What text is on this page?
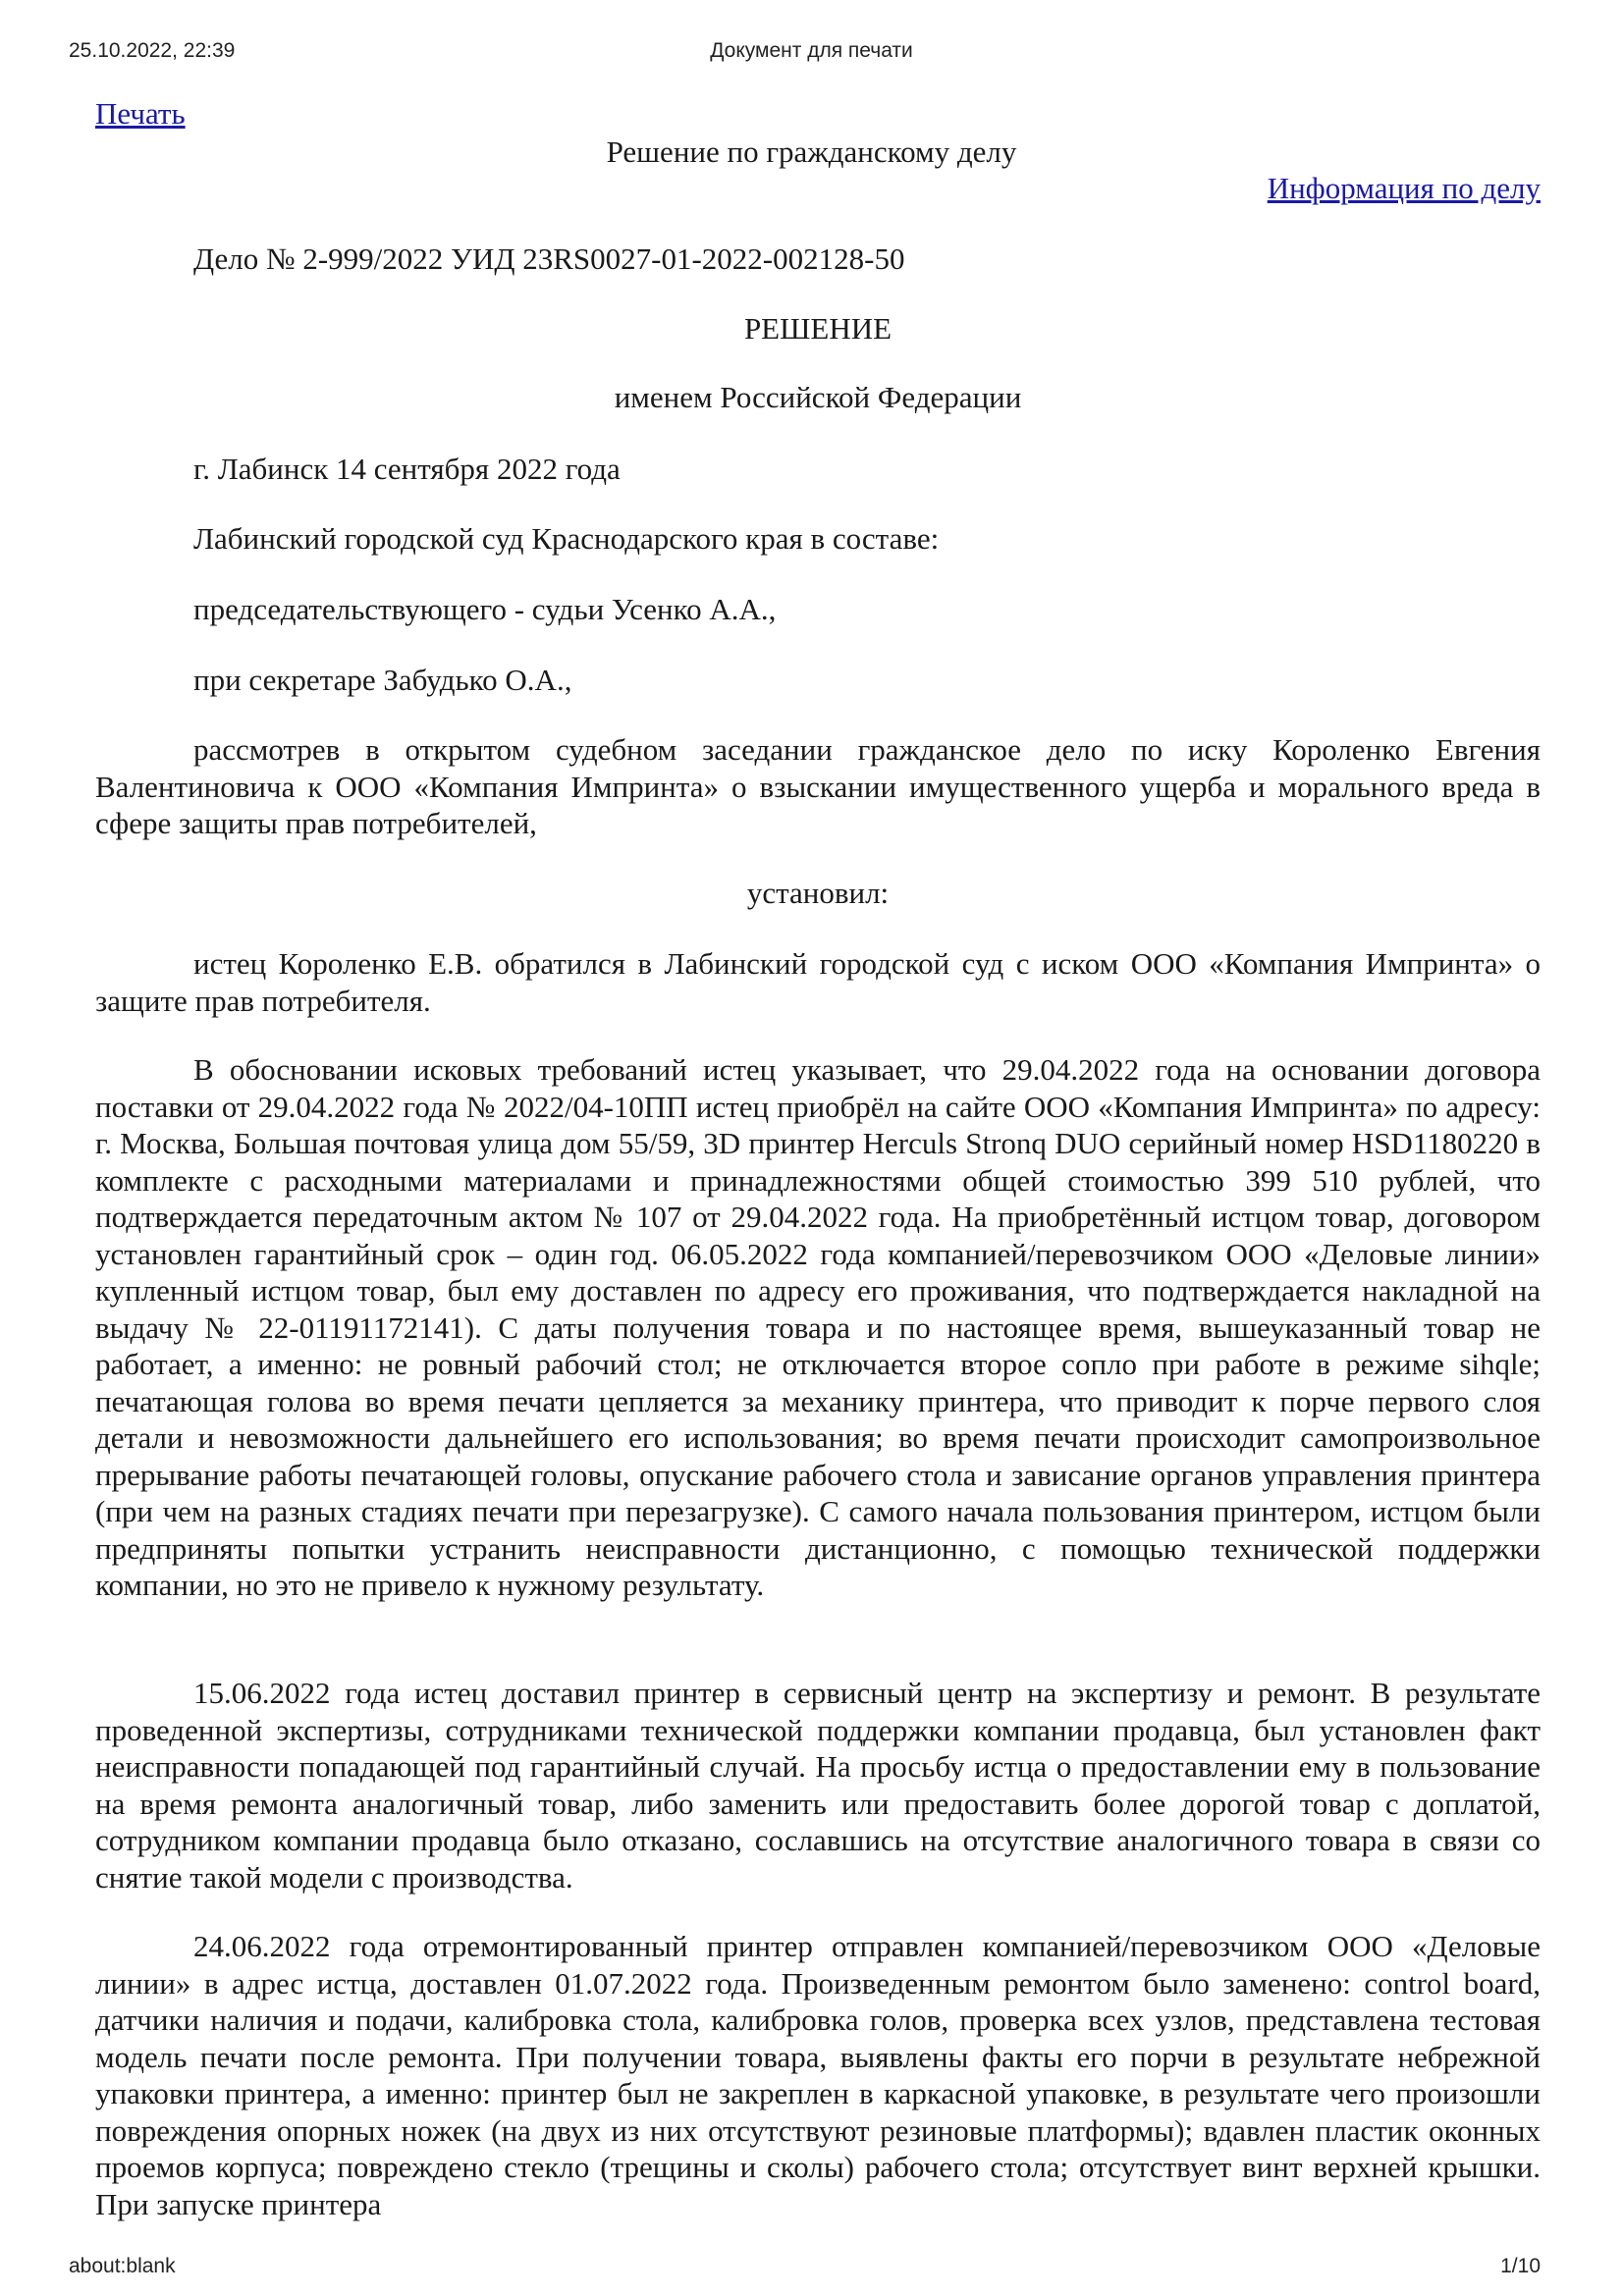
25.10.2022, 22:39	Документ для печати
Печать
Решение по гражданскому делу
Информация по делу
Дело № 2-999/2022 УИД 23RS0027-01-2022-002128-50
РЕШЕНИЕ
именем Российской Федерации
г. Лабинск 14 сентября 2022 года
Лабинский городской суд Краснодарского края в составе:
председательствующего - судьи Усенко А.А.,
при секретаре Забудько О.А.,

рассмотрев в открытом судебном заседании гражданское дело по иску Короленко Евгения Валентиновича к ООО «Компания Импринта» о взыскании имущественного ущерба и морального вреда в сфере защиты прав потребителей,

установил:

истец Короленко Е.В. обратился в Лабинский городской суд с иском ООО «Компания Импринта» о защите прав потребителя.

В обосновании исковых требований истец указывает, что 29.04.2022 года на основании договора поставки от 29.04.2022 года № 2022/04-10ПП истец приобрёл на сайте ООО «Компания Импринта» по адресу: г. Москва, Большая почтовая улица дом 55/59, 3D принтер Herculs Stronq DUO серийный номер HSD1180220 в комплекте с расходными материалами и принадлежностями общей стоимостью 399 510 рублей, что подтверждается передаточным актом № 107 от 29.04.2022 года. На приобретённый истцом товар, договором установлен гарантийный срок – один год. 06.05.2022 года компанией/перевозчиком ООО «Деловые линии» купленный истцом товар, был ему доставлен по адресу его проживания, что подтверждается накладной на выдачу № 22-01191172141). С даты получения товара и по настоящее время, вышеуказанный товар не работает, а именно: не ровный рабочий стол; не отключается второе сопло при работе в режиме sihqle; печатающая голова во время печати цепляется за механику принтера, что приводит к порче первого слоя детали и невозможности дальнейшего его использования; во время печати происходит самопроизвольное прерывание работы печатающей головы, опускание рабочего стола и зависание органов управления принтера (при чем на разных стадиях печати при перезагрузке). С самого начала пользования принтером, истцом были предприняты попытки устранить неисправности дистанционно, с помощью технической поддержки компании, но это не привело к нужному результату.

15.06.2022 года истец доставил принтер в сервисный центр на экспертизу и ремонт. В результате проведенной экспертизы, сотрудниками технической поддержки компании продавца, был установлен факт неисправности попадающей под гарантийный случай. На просьбу истца о предоставлении ему в пользование на время ремонта аналогичный товар, либо заменить или предоставить более дорогой товар с доплатой, сотрудником компании продавца было отказано, сославшись на отсутствие аналогичного товара в связи со снятие такой модели с производства.

24.06.2022 года отремонтированный принтер отправлен компанией/перевозчиком ООО «Деловые линии» в адрес истца, доставлен 01.07.2022 года. Произведенным ремонтом было заменено: control board, датчики наличия и подачи, калибровка стола, калибровка голов, проверка всех узлов, представлена тестовая модель печати после ремонта. При получении товара, выявлены факты его порчи в результате небрежной упаковки принтера, а именно: принтер был не закреплен в каркасной упаковке, в результате чего произошли повреждения опорных ножек (на двух из них отсутствуют резиновые платформы); вдавлен пластик оконных проемов корпуса; повреждено стекло (трещины и сколы) рабочего стола; отсутствует винт верхней крышки. При запуске принтера

about:blank	1/10
